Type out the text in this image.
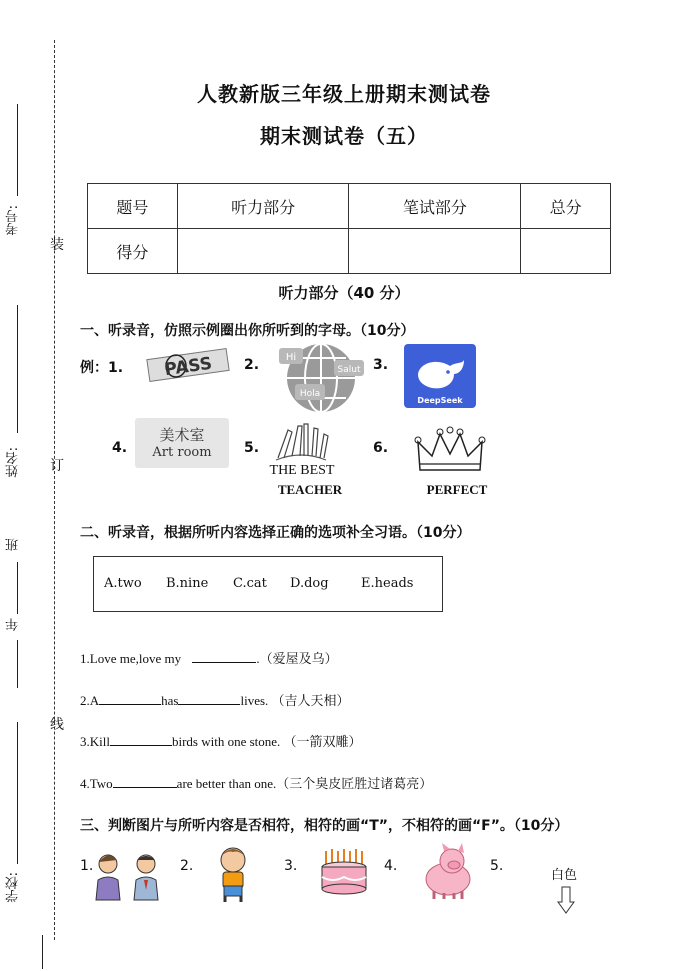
装
订
线
考号:
姓名:
班
年
学校:
人教新版三年级上册期末测试卷
期末测试卷（五）
题号	听力部分	笔试部分	总分
得分			
听力部分（40 分）
一、听录音，仿照示例圈出你所听到的字母。（10分）
例：1. PASS 2.	Hi
Salut
Hola
3.
DeepSeek
4.
美术室
Art room	5.
THE BEST
TEACHER
6.
PERFECT
二、听录音，根据所听内容选择正确的选项补全习语。（10分）
A.two B.nine C.cat D.dog E.heads
1.Love me,love my	.（爱屋及乌）
2.A	has	lives. （吉人天相）
3.Kill	birds with one stone. （一箭双雕）
4.Two	are better than one.（三个臭皮匠胜过诸葛亮）
三、判断图片与所听内容是否相符，相符的画“T”，不相符的画“F”。（10分）
1.	2.	3.	4.	5.
白色
